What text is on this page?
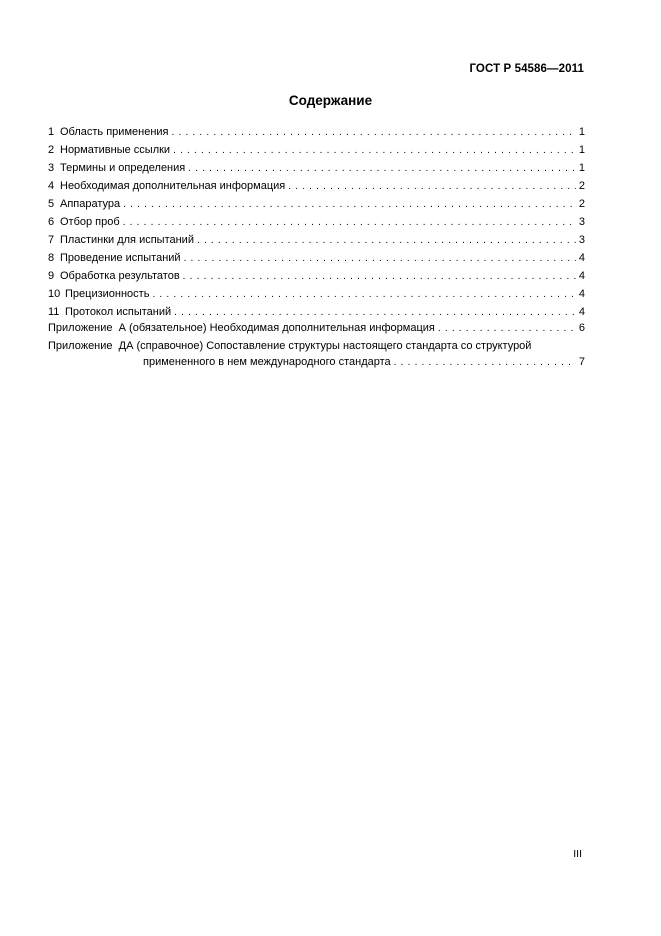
ГОСТ Р 54586—2011
Содержание
1 Область применения .....	1
2 Нормативные ссылки .....	1
3 Термины и определения .....	1
4 Необходимая дополнительная информация .....	2
5 Аппаратура .....	2
6 Отбор проб .....	3
7 Пластинки для испытаний .....	3
8 Проведение испытаний .....	4
9 Обработка результатов .....	4
10 Прецизионность .....	4
11 Протокол испытаний .....	4
Приложение А (обязательное) Необходимая дополнительная информация .....	6
Приложение
ДА (справочное) Сопоставление структуры настоящего стандарта со структурой
примененного в нем международного стандарта .....	7
III
